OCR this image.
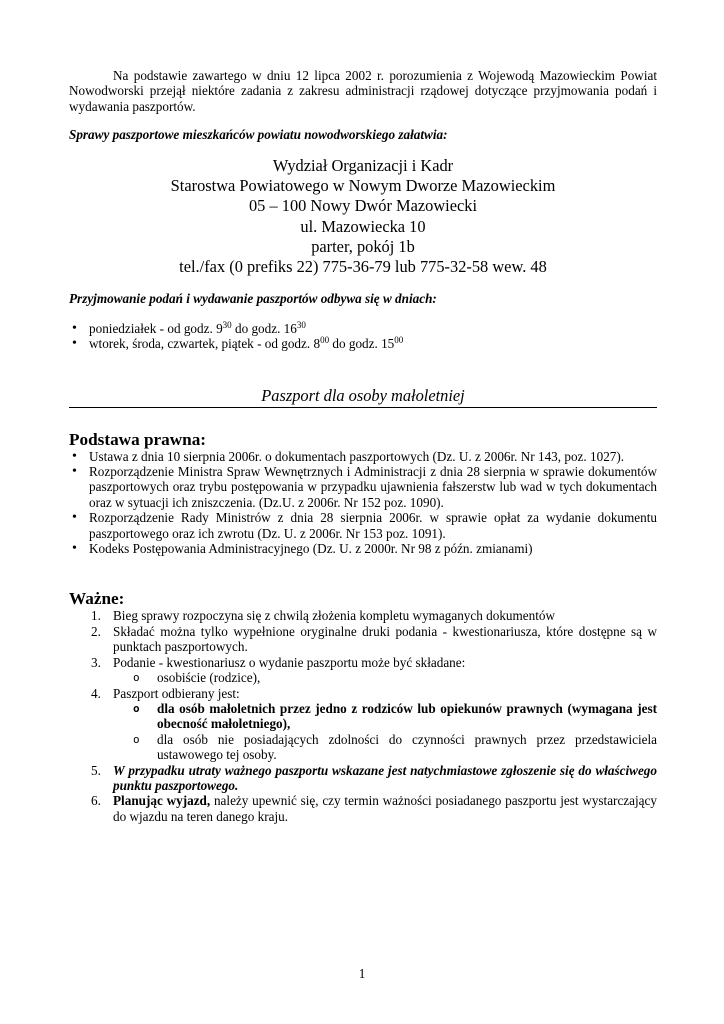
Na podstawie zawartego w dniu 12 lipca 2002 r. porozumienia z Wojewodą Mazowieckim Powiat Nowodworski przejął niektóre zadania z zakresu administracji rządowej dotyczące przyjmowania podań i wydawania paszportów.

Sprawy paszportowe mieszkańców powiatu nowodworskiego załatwia:

Wydział Organizacji i Kadr
Starostwa Powiatowego w Nowym Dworze Mazowieckim
05 – 100 Nowy Dwór Mazowiecki
ul. Mazowiecka 10
parter, pokój 1b
tel./fax (0 prefiks 22) 775-36-79 lub 775-32-58 wew. 48

Przyjmowanie podań i wydawanie paszportów odbywa się w dniach:

• poniedziałek - od godz. $9^{30}$ do godz. $16^{30}$
• wtorek, środa, czwartek, piątek - od godz. $8^{00}$ do godz. $15^{00}$
Paszport dla osoby małoletniej
Podstawa prawna:
• Ustawa z dnia 10 sierpnia 2006r. o dokumentach paszportowych (Dz. U. z 2006r. Nr 143, poz. 1027).
• Rozporządzenie Ministra Spraw Wewnętrznych i Administracji z dnia 28 sierpnia w sprawie dokumentów paszportowych oraz trybu postępowania w przypadku ujawnienia fałszerstw lub wad w tych dokumentach oraz w sytuacji ich zniszczenia. (Dz.U. z 2006r. Nr 152 poz. 1090).
• Rozporządzenie Rady Ministrów z dnia 28 sierpnia 2006r. w sprawie opłat za wydanie dokumentu paszportowego oraz ich zwrotu (Dz. U. z 2006r. Nr 153 poz. 1091).
• Kodeks Postępowania Administracyjnego (Dz. U. z 2000r. Nr 98 z późn. zmianami)
Ważne:
1. Bieg sprawy rozpoczyna się z chwilą złożenia kompletu wymaganych dokumentów
2. Składać można tylko wypełnione oryginalne druki podania - kwestionariusza, które dostępne są w punktach paszportowych.
3. Podanie - kwestionariusz o wydanie paszportu może być składane:
o osobiście (rodzice),
4. Paszport odbierany jest:
o dla osób małoletnich przez jedno z rodziców lub opiekunów prawnych (wymagana jest obecność małoletniego),
o dla osób nie posiadających zdolności do czynności prawnych przez przedstawiciela ustawowego tej osoby.
5. W przypadku utraty ważnego paszportu wskazane jest natychmiastowe zgłoszenie się do właściwego punktu paszportowego.
6. Planując wyjazd, należy upewnić się, czy termin ważności posiadanego paszportu jest wystarczający do wjazdu na teren danego kraju.
1
